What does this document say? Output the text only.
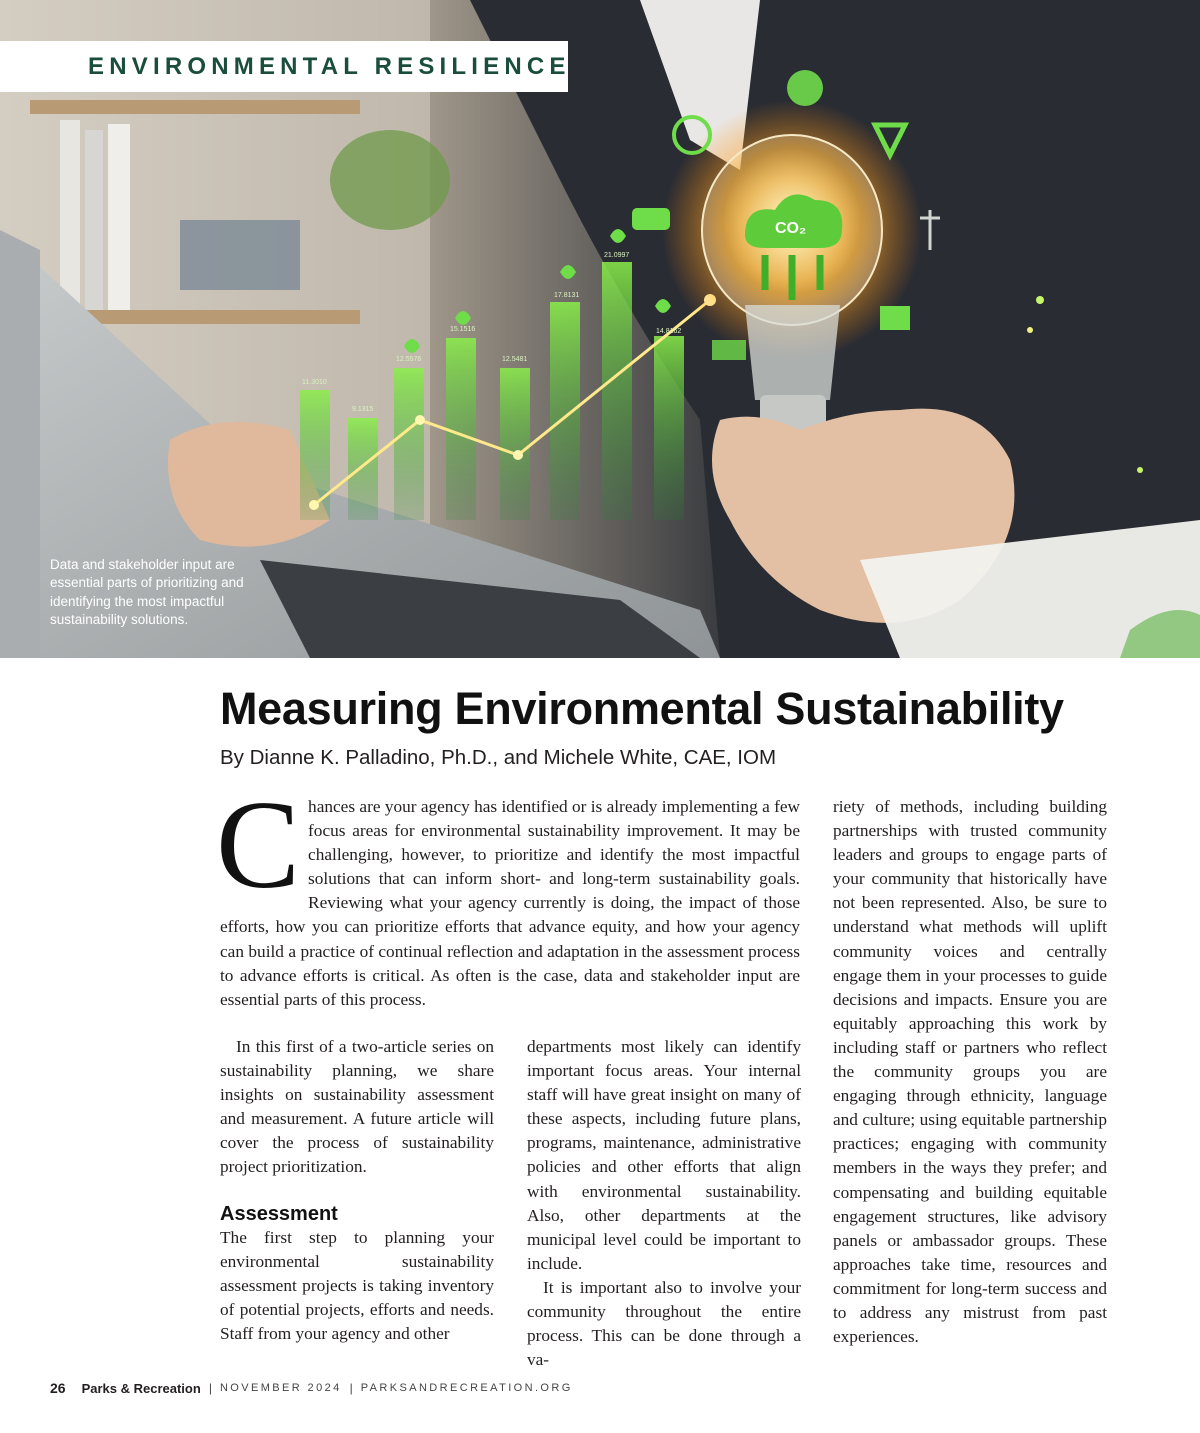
11.3010
9.1315
12.5576
15.1516
12.5481
17.8131
21.0997
14.8162
CO₂
ENVIRONMENTAL RESILIENCE
Data and stakeholder input are essential parts of prioritizing and identifying the most impactful sustainability solutions.
Measuring Environmental Sustainability
By Dianne K. Palladino, Ph.D., and Michele White, CAE, IOM
C hances are your agency has identified or is already implementing a few focus areas for environmental sustainability improvement. It may be challenging, however, to prioritize and identify the most impactful solutions that can inform short- and long-term sustainability goals. Reviewing what your agency currently is doing, the impact of those efforts, how you can prioritize efforts that advance equity, and how your agency can build a practice of continual reflection and adaptation in the assessment process to advance efforts is critical. As often is the case, data and stakeholder input are essential parts of this process.

In this first of a two-article series on sustainability planning, we share insights on sustainability assessment and measurement. A future article will cover the process of sustainability project prioritization.

Assessment

The first step to planning your environmental sustainability assessment projects is taking inventory of potential projects, efforts and needs. Staff from your agency and other

departments most likely can identify important focus areas. Your internal staff will have great insight on many of these aspects, including future plans, programs, maintenance, administrative policies and other efforts that align with environmental sustainability. Also, other departments at the municipal level could be important to include.

It is important also to involve your community throughout the entire process. This can be done through a va-

riety of methods, including building partnerships with trusted community leaders and groups to engage parts of your community that historically have not been represented. Also, be sure to understand what methods will uplift community voices and centrally engage them in your processes to guide decisions and impacts. Ensure you are equitably approaching this work by including staff or partners who reflect the community groups you are engaging through ethnicity, language and culture; using equitable partnership practices; engaging with community members in the ways they prefer; and compensating and building equitable engagement structures, like advisory panels or ambassador groups. These approaches take time, resources and commitment for long-term success and to address any mistrust from past experiences.

26 Parks & Recreation | NOVEMBER 2024 | PARKSANDRECREATION.ORG
